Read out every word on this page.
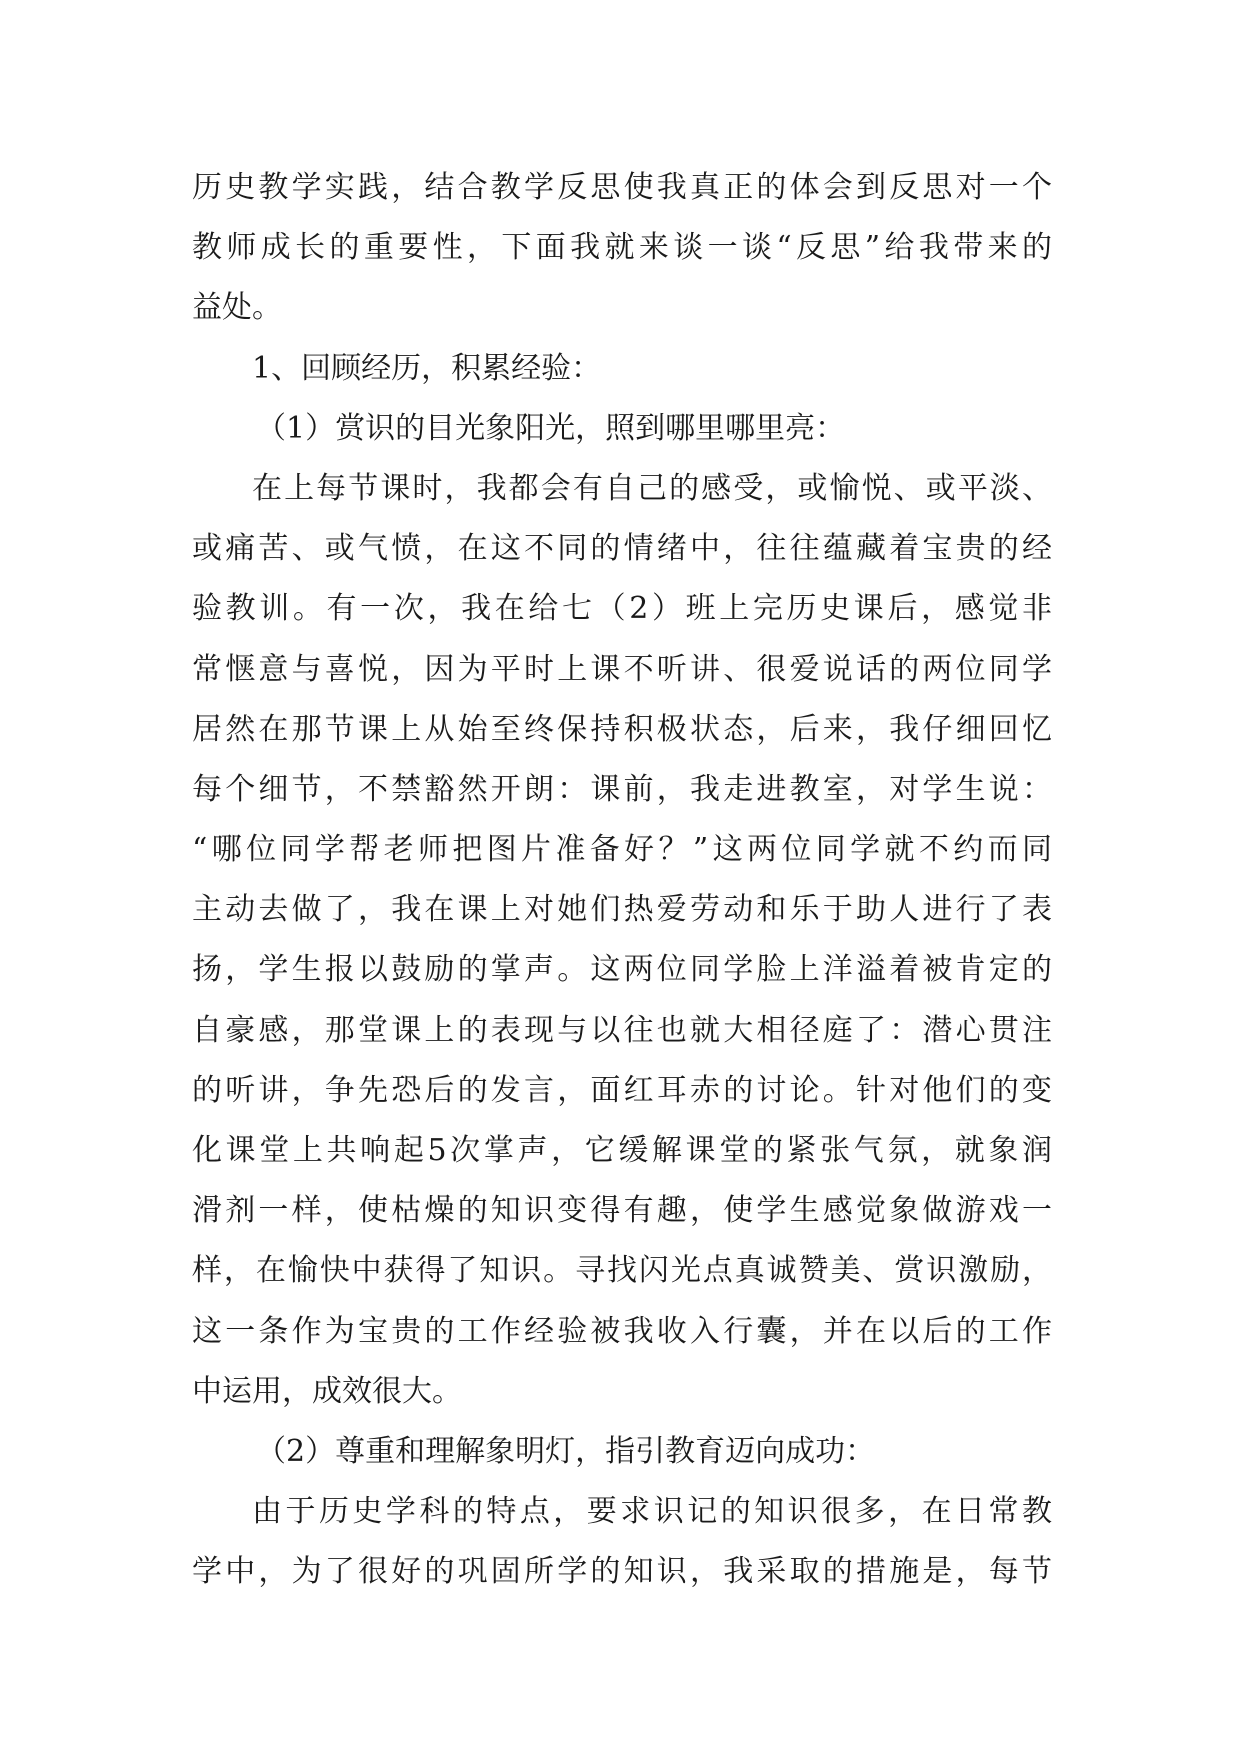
历史教学实践，结合教学反思使我真正的体会到反思对一个
教师成长的重要性，下面我就来谈一谈“反思”给我带来的
益处。
1、回顾经历，积累经验：
（1）赏识的目光象阳光，照到哪里哪里亮：
在上每节课时，我都会有自己的感受，或愉悦、或平淡、
或痛苦、或气愤，在这不同的情绪中，往往蕴藏着宝贵的经
验教训。有一次，我在给七（2）班上完历史课后，感觉非
常惬意与喜悦，因为平时上课不听讲、很爱说话的两位同学
居然在那节课上从始至终保持积极状态，后来，我仔细回忆
每个细节，不禁豁然开朗：课前，我走进教室，对学生说：
“哪位同学帮老师把图片准备好？”这两位同学就不约而同
主动去做了，我在课上对她们热爱劳动和乐于助人进行了表
扬，学生报以鼓励的掌声。这两位同学脸上洋溢着被肯定的
自豪感，那堂课上的表现与以往也就大相径庭了：潜心贯注
的听讲，争先恐后的发言，面红耳赤的讨论。针对他们的变
化课堂上共响起5次掌声，它缓解课堂的紧张气氛，就象润
滑剂一样，使枯燥的知识变得有趣，使学生感觉象做游戏一
样，在愉快中获得了知识。寻找闪光点真诚赞美、赏识激励，
这一条作为宝贵的工作经验被我收入行囊，并在以后的工作
中运用，成效很大。
（2）尊重和理解象明灯，指引教育迈向成功：
由于历史学科的特点，要求识记的知识很多，在日常教
学中，为了很好的巩固所学的知识，我采取的措施是，每节
